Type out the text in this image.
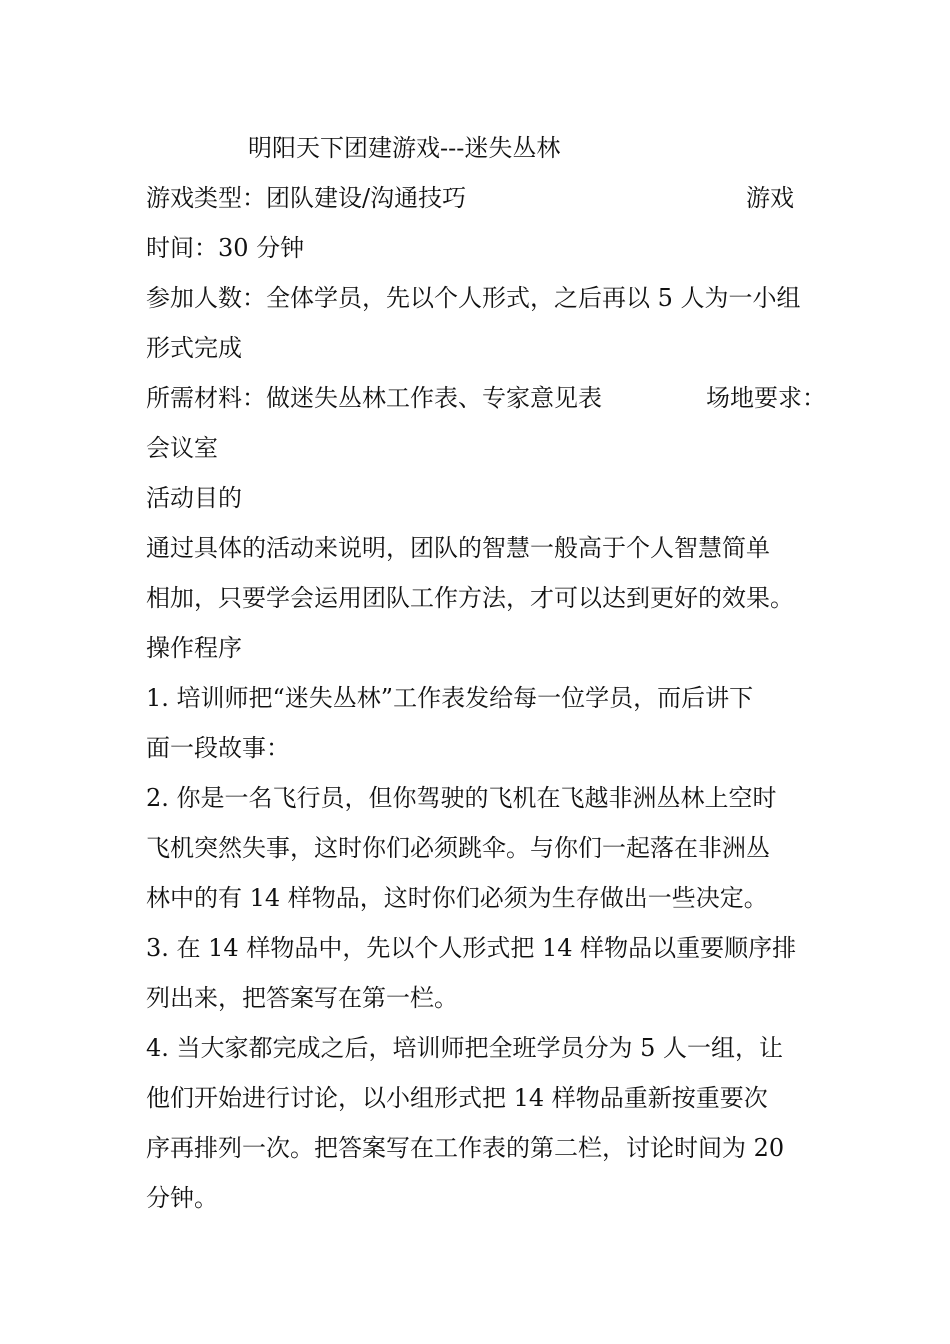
明阳天下团建游戏---迷失丛林
游戏类型：团队建设/沟通技巧	游戏
时间：30 分钟
参加人数：全体学员，先以个人形式，之后再以 5 人为一小组
形式完成
所需材料：做迷失丛林工作表、专家意见表	场地要求：
会议室
活动目的
通过具体的活动来说明，团队的智慧一般高于个人智慧简单
相加，只要学会运用团队工作方法，才可以达到更好的效果。
操作程序
1. 培训师把“迷失丛林”工作表发给每一位学员，而后讲下
面一段故事：
2. 你是一名飞行员，但你驾驶的飞机在飞越非洲丛林上空时
飞机突然失事，这时你们必须跳伞。与你们一起落在非洲丛
林中的有 14 样物品，这时你们必须为生存做出一些决定。
3. 在 14 样物品中，先以个人形式把 14 样物品以重要顺序排
列出来，把答案写在第一栏。
4. 当大家都完成之后，培训师把全班学员分为 5 人一组，让
他们开始进行讨论，以小组形式把 14 样物品重新按重要次
序再排列一次。把答案写在工作表的第二栏，讨论时间为 20
分钟。
